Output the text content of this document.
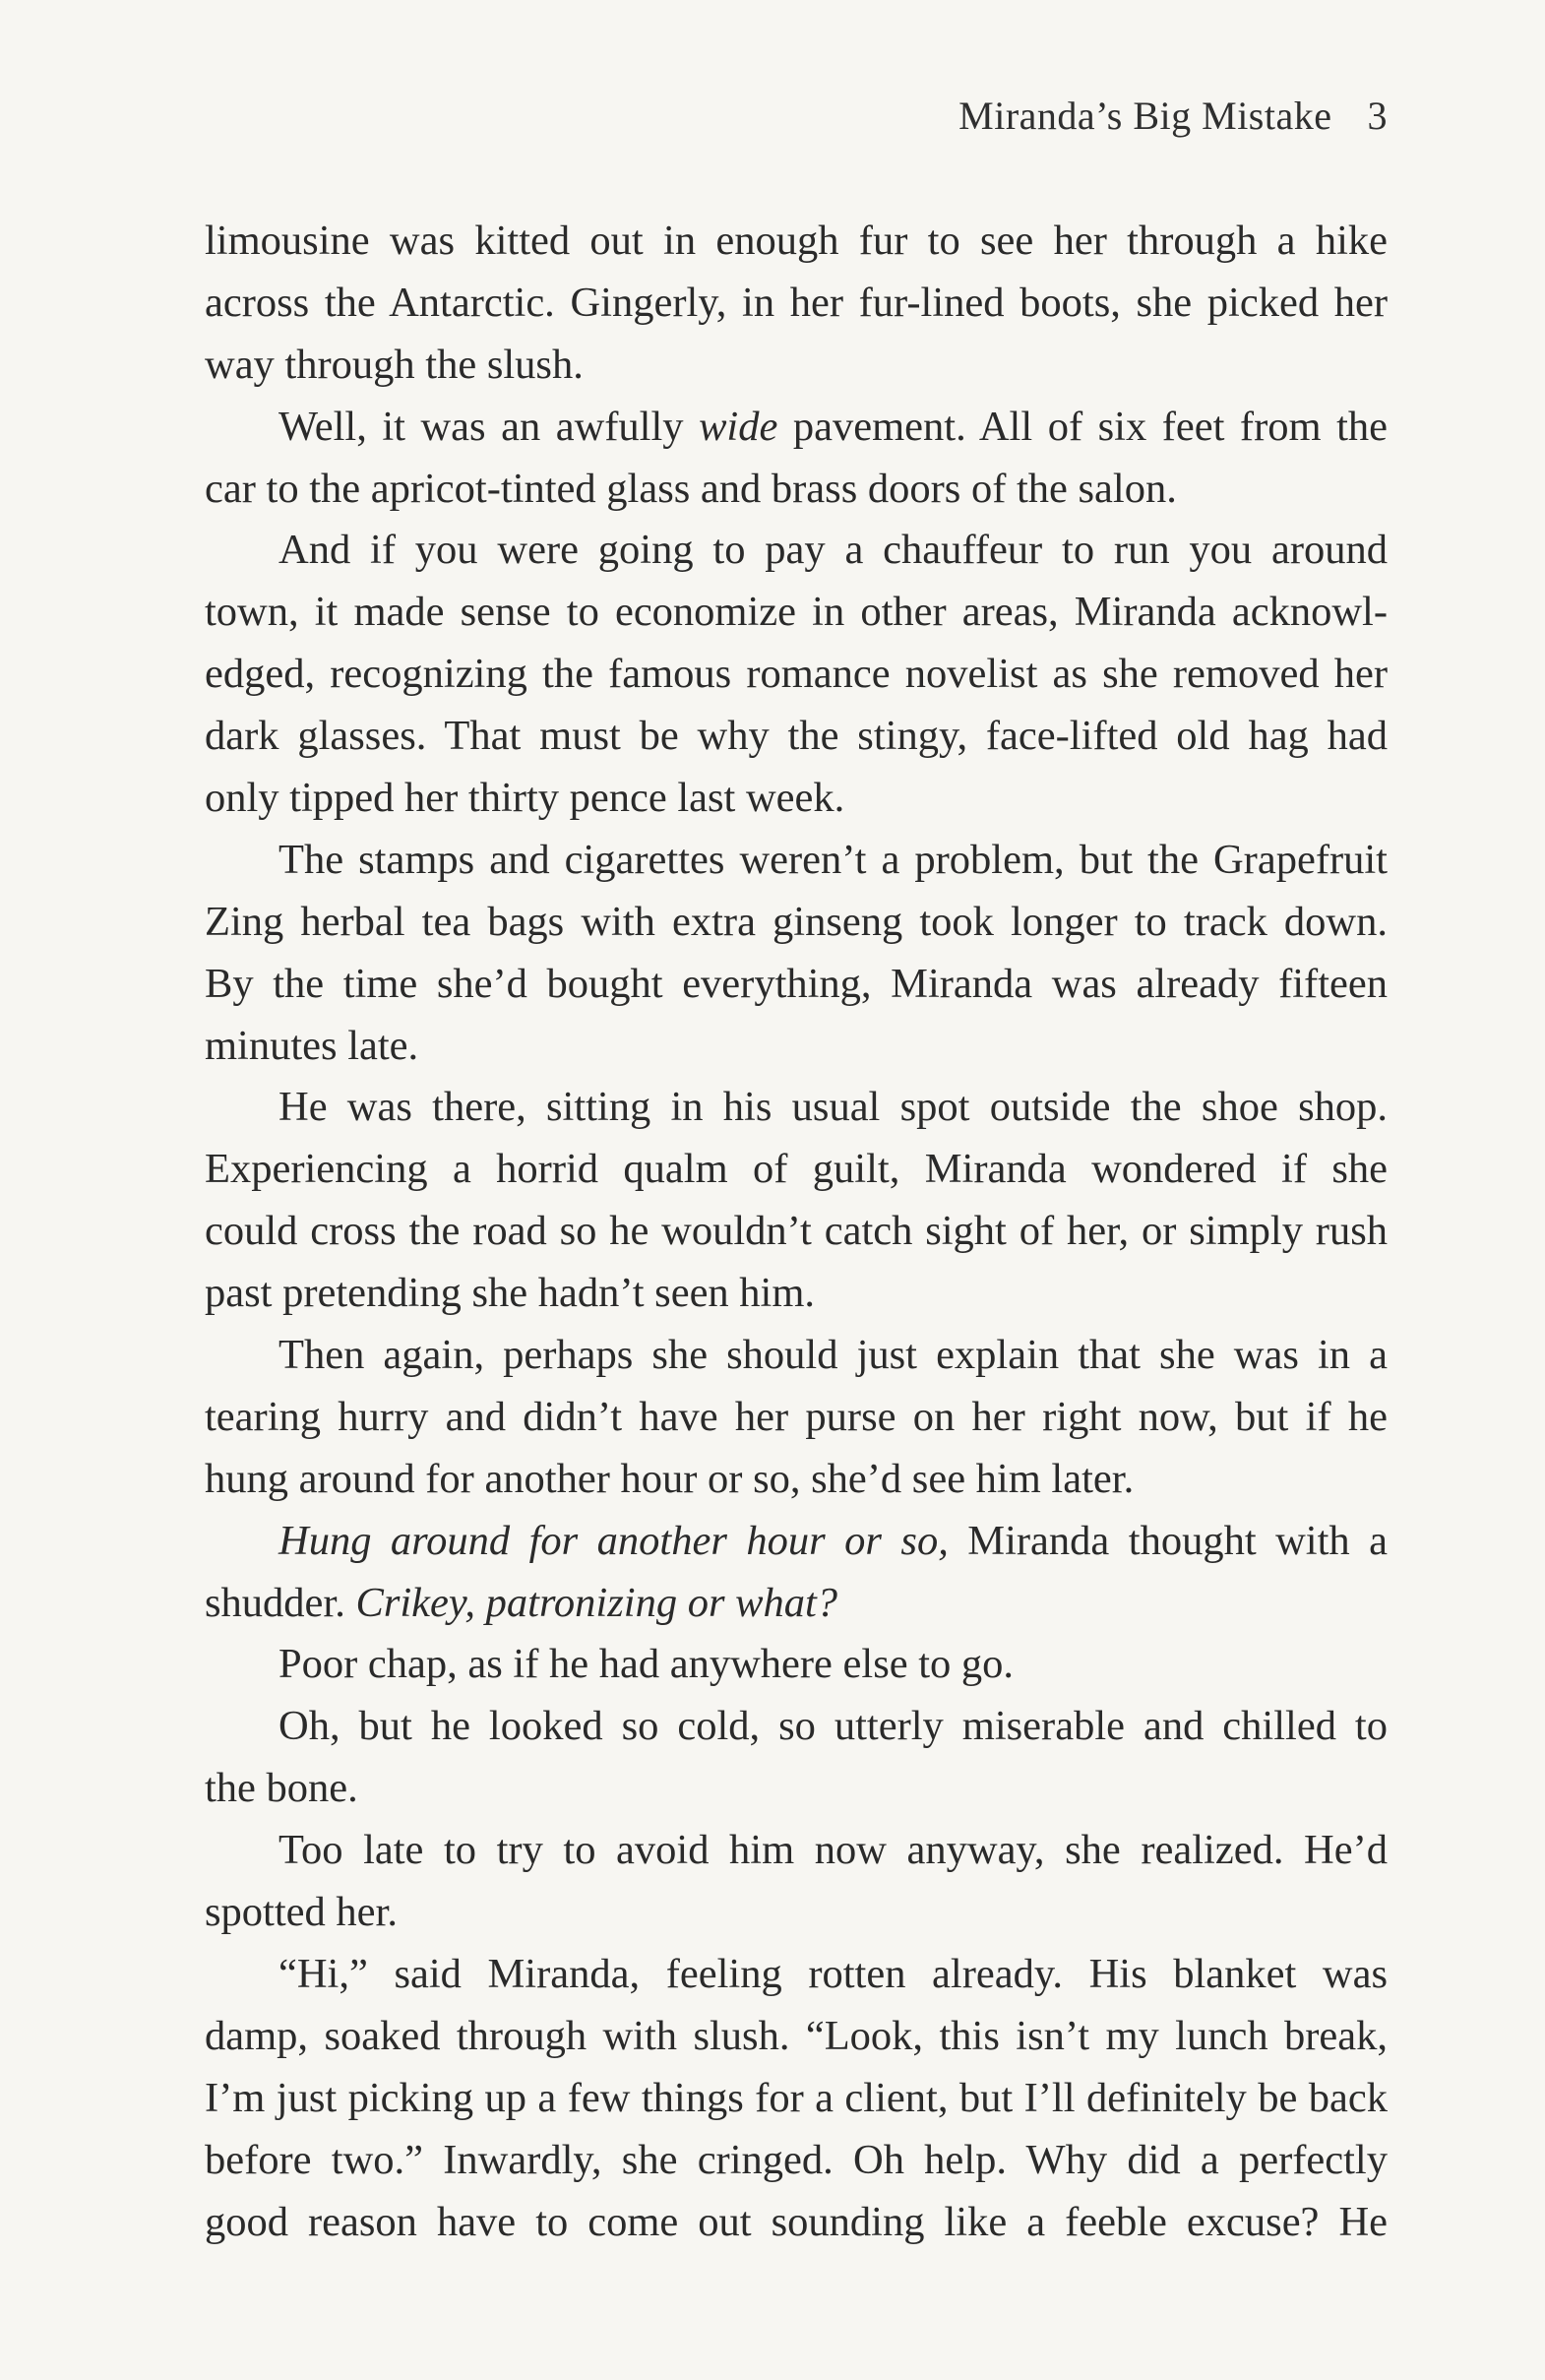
Miranda’s Big Mistake 3
limousine was kitted out in enough fur to see her through a hike
across the Antarctic. Gingerly, in her fur-lined boots, she picked her
way through the slush.
Well, it was an awfully wide pavement. All of six feet from the
car to the apricot-tinted glass and brass doors of the salon.
And if you were going to pay a chauffeur to run you around
town, it made sense to economize in other areas, Miranda acknowl-
edged, recognizing the famous romance novelist as she removed her
dark glasses. That must be why the stingy, face-lifted old hag had
only tipped her thirty pence last week.
The stamps and cigarettes weren’t a problem, but the Grapefruit
Zing herbal tea bags with extra ginseng took longer to track down.
By the time she’d bought everything, Miranda was already fifteen
minutes late.
He was there, sitting in his usual spot outside the shoe shop.
Experiencing a horrid qualm of guilt, Miranda wondered if she
could cross the road so he wouldn’t catch sight of her, or simply rush
past pretending she hadn’t seen him.
Then again, perhaps she should just explain that she was in a
tearing hurry and didn’t have her purse on her right now, but if he
hung around for another hour or so, she’d see him later.
Hung around for another hour or so, Miranda thought with a
shudder. Crikey, patronizing or what?
Poor chap, as if he had anywhere else to go.
Oh, but he looked so cold, so utterly miserable and chilled to
the bone.
Too late to try to avoid him now anyway, she realized. He’d
spotted her.
“Hi,” said Miranda, feeling rotten already. His blanket was
damp, soaked through with slush. “Look, this isn’t my lunch break,
I’m just picking up a few things for a client, but I’ll definitely be back
before two.” Inwardly, she cringed. Oh help. Why did a perfectly
good reason have to come out sounding like a feeble excuse? He
